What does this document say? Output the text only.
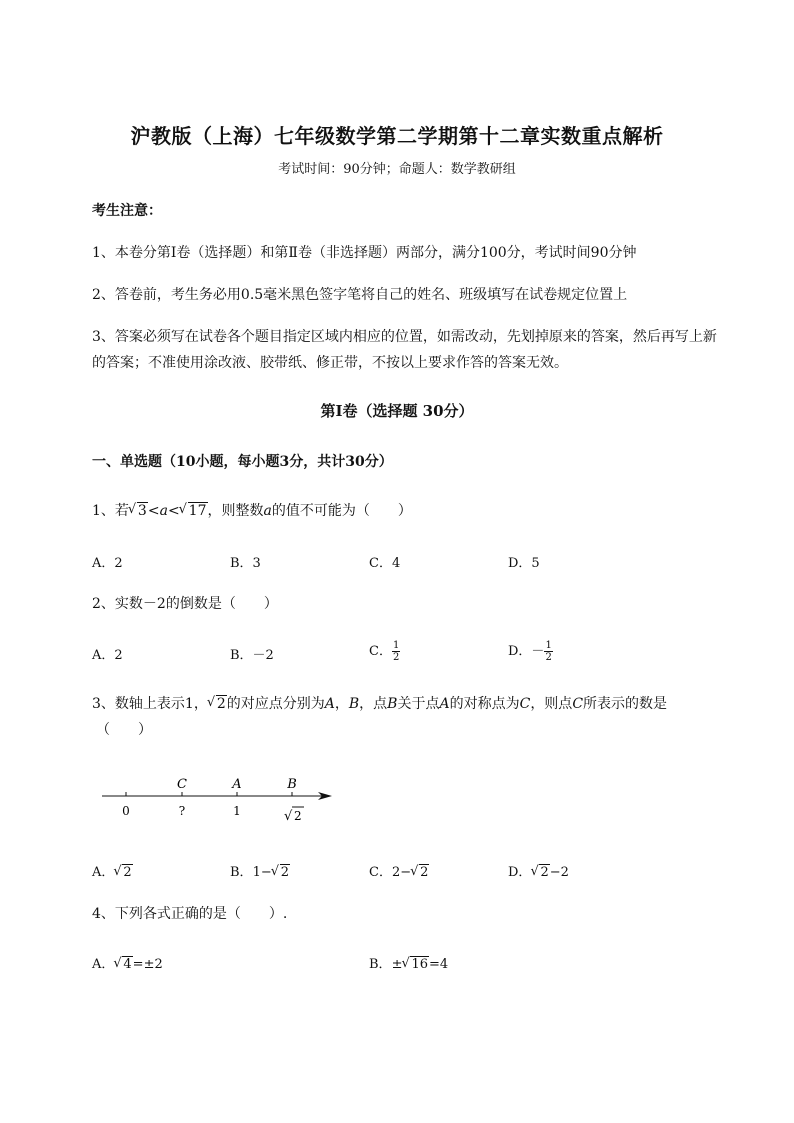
沪教版（上海）七年级数学第二学期第十二章实数重点解析
考试时间：90分钟；命题人：数学教研组
考生注意：
1、本卷分第I卷（选择题）和第Ⅱ卷（非选择题）两部分，满分100分，考试时间90分钟
2、答卷前，考生务必用0.5毫米黑色签字笔将自己的姓名、班级填写在试卷规定位置上
3、答案必须写在试卷各个题目指定区域内相应的位置，如需改动，先划掉原来的答案，然后再写上新
的答案；不准使用涂改液、胶带纸、修正带，不按以上要求作答的答案无效。
第I卷（选择题 30分）
一、单选题（10小题，每小题3分，共计30分）
1、若 √ 3<a< √ 17，则整数a的值不可能为（　　）
A．2	B．3	C．4	D．5
2、实数－2的倒数是（　　）
A．2	B．－2	C． $\frac{1}{2}$	D．－ $\frac{1}{2}$
3、数轴上表示1， √ 2的对应点分别为A，B，点B关于点A的对称点为C，则点C所表示的数是
（　　）
C	A	B
0	?	1	√ 2
A． √ 2	B．1− √ 2	C．2− √ 2	D． √ 2−2
4、下列各式正确的是（　　）.
A． √ 4=±2	B．± √ 16=4
